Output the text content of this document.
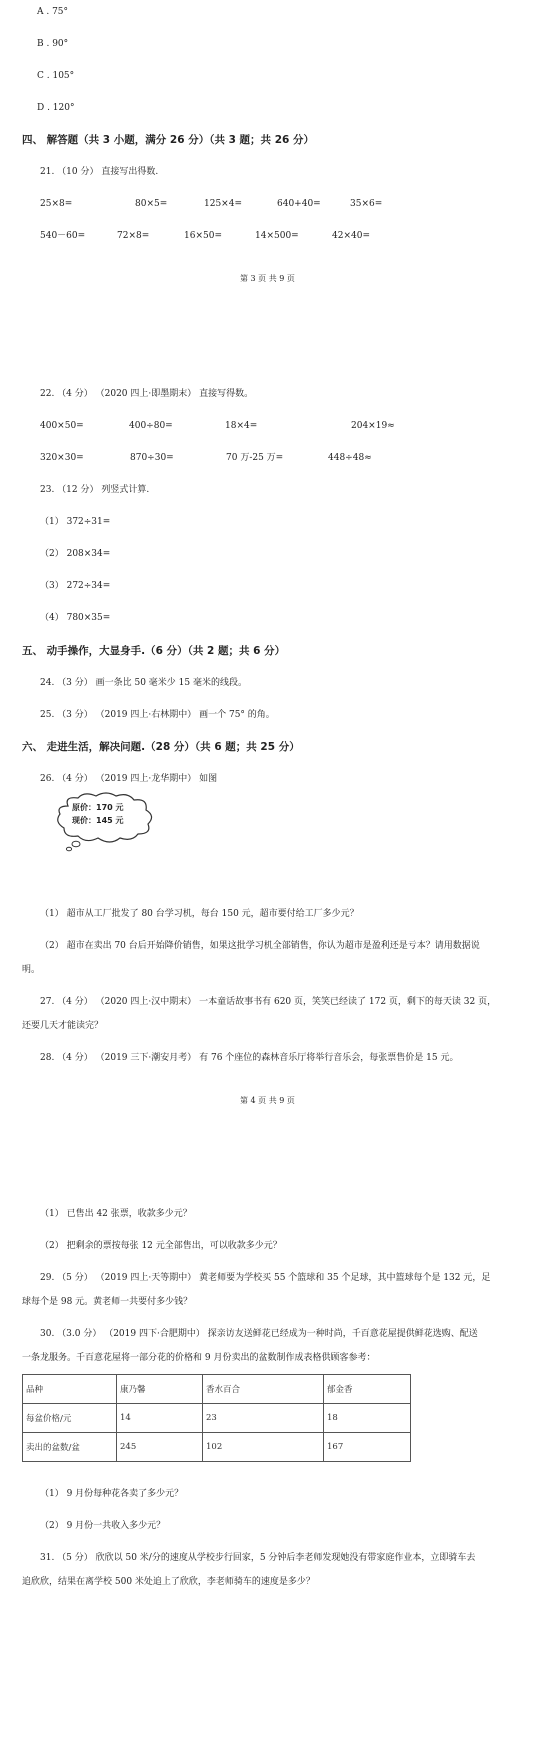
A . 75°
B . 90°
C . 105°
D . 120°
四、 解答题（共 3 小题，满分 26 分）（共 3 题；共 26 分）
21. （10 分） 直接写出得数.
25×8=	80×5=	125×4=	640+40=	35×6=
540－60=	72×8=	16×50=	14×500=	42×40=
第 3 页 共 9 页
22. （4 分） （2020 四上·即墨期末） 直接写得数。
400×50=	400÷80=	18×4=	204×19≈
320×30=	870÷30=	70 万-25 万=	448÷48≈
23. （12 分） 列竖式计算.
（1） 372÷31=
（2） 208×34=
（3） 272÷34=
（4） 780×35=
五、 动手操作，大显身手.（6 分）（共 2 题；共 6 分）
24. （3 分） 画一条比 50 毫米少 15 毫米的线段。
25. （3 分） （2019 四上·右林期中） 画一个 75° 的角。
六、 走进生活，解决问题.（28 分）（共 6 题；共 25 分）
26. （4 分） （2019 四上·龙华期中） 如图
原价：170 元
现价：145 元
（1） 超市从工厂批发了 80 台学习机，每台 150 元，超市要付给工厂多少元？
（2） 超市在卖出 70 台后开始降价销售，如果这批学习机全部销售，你认为超市是盈利还是亏本？请用数据说
明。
27. （4 分） （2020 四上·汉中期末） 一本童话故事书有 620 页，笑笑已经读了 172 页，剩下的每天读 32 页，
还要几天才能读完？
28. （4 分） （2019 三下·潮安月考） 有 76 个座位的森林音乐厅将举行音乐会，每张票售价是 15 元。
第 4 页 共 9 页
（1） 已售出 42 张票，收款多少元？
（2） 把剩余的票按每张 12 元全部售出，可以收款多少元？
29. （5 分） （2019 四上·天等期中） 黄老师要为学校买 55 个篮球和 35 个足球，其中篮球每个是 132 元，足
球每个是 98 元。黄老师一共要付多少钱？
30. （3.0 分） （2019 四下·合肥期中） 探亲访友送鲜花已经成为一种时尚，千百意花屋提供鲜花选购、配送
一条龙服务。千百意花屋将一部分花的价格和 9 月份卖出的盆数制作成表格供顾客参考：
品种	康乃馨	香水百合	郁金香
每盆价格/元	14	23	18
卖出的盆数/盆	245	102	167
（1） 9 月份每种花各卖了多少元？
（2） 9 月份一共收入多少元？
31. （5 分） 欣欣以 50 米/分的速度从学校步行回家，5 分钟后李老师发现她没有带家庭作业本，立即骑车去
追欣欣，结果在离学校 500 米处追上了欣欣，李老师骑车的速度是多少？
